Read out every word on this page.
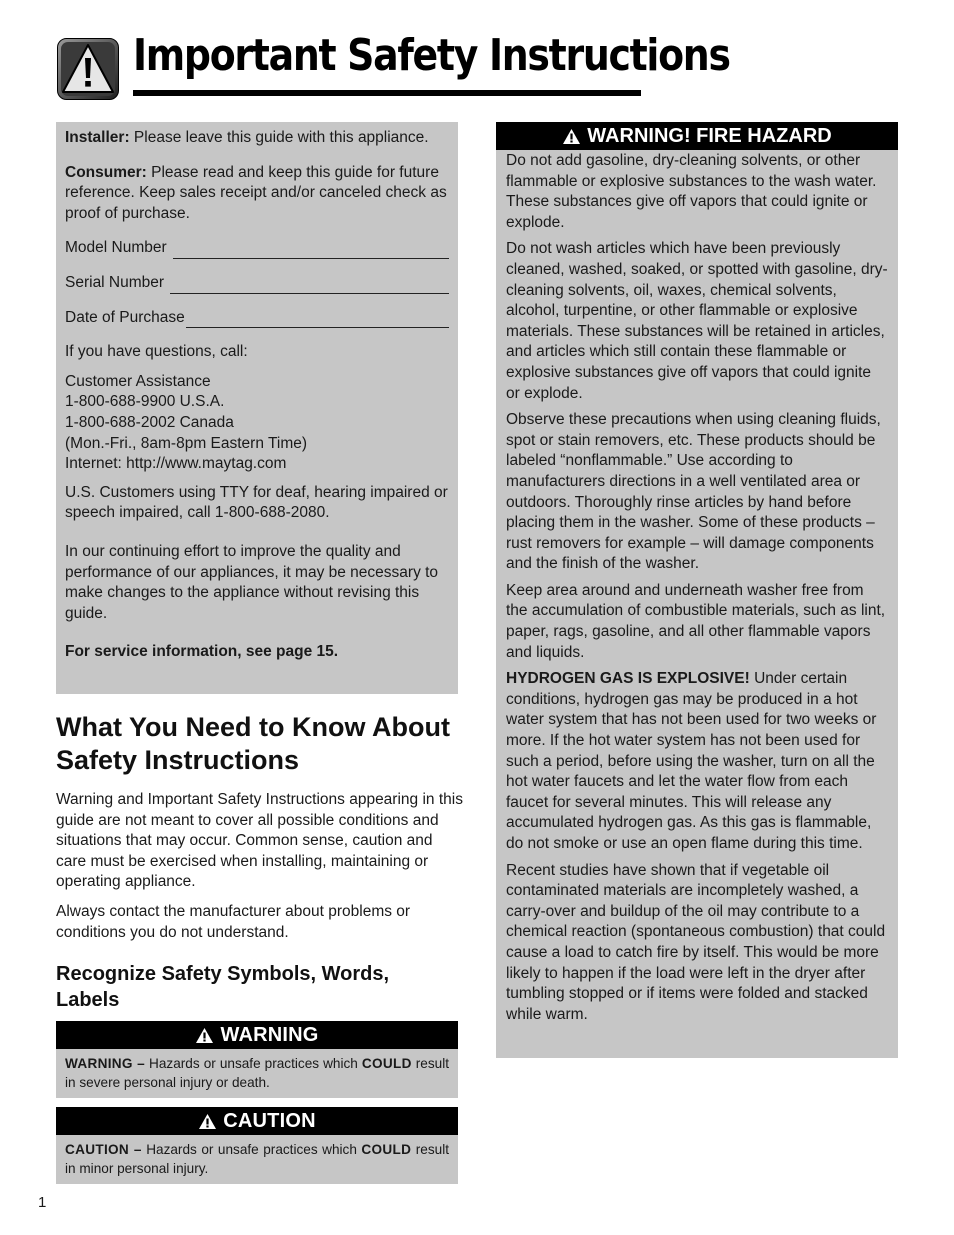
Important Safety Instructions

Installer: Please leave this guide with this appliance.

Consumer: Please read and keep this guide for future reference. Keep sales receipt and/or canceled check as proof of purchase.

Model Number
Serial Number
Date of Purchase

If you have questions, call:

Customer Assistance

1-800-688-9900 U.S.A.

1-800-688-2002 Canada

(Mon.-Fri., 8am-8pm Eastern Time)

Internet: http://www.maytag.com

U.S. Customers using TTY for deaf, hearing impaired or speech impaired, call 1-800-688-2080.

In our continuing effort to improve the quality and performance of our appliances, it may be necessary to make changes to the appliance without revising this guide.

For service information, see page 15.

What You Need to Know About Safety Instructions

Warning and Important Safety Instructions appearing in this guide are not meant to cover all possible conditions and situations that may occur. Common sense, caution and care must be exercised when installing, maintaining or operating appliance.

Always contact the manufacturer about problems or conditions you do not understand.

Recognize Safety Symbols, Words, Labels
WARNING
WARNING – Hazards or unsafe practices which COULD result in severe personal injury or death.
CAUTION
CAUTION – Hazards or unsafe practices which COULD result in minor personal injury.
WARNING! FIRE HAZARD

Do not add gasoline, dry-cleaning solvents, or other flammable or explosive substances to the wash water. These substances give off vapors that could ignite or explode.

Do not wash articles which have been previously cleaned, washed, soaked, or spotted with gasoline, dry-cleaning solvents, oil, waxes, chemical solvents, alcohol, turpentine, or other flammable or explosive materials. These substances will be retained in articles, and articles which still contain these flammable or explosive substances give off vapors that could ignite or explode.

Observe these precautions when using cleaning fluids, spot or stain removers, etc. These products should be labeled “nonflammable.” Use according to manufacturers directions in a well ventilated area or outdoors. Thoroughly rinse articles by hand before placing them in the washer. Some of these products – rust removers for example – will damage components and the finish of the washer.

Keep area around and underneath washer free from the accumulation of combustible materials, such as lint, paper, rags, gasoline, and all other flammable vapors and liquids.

HYDROGEN GAS IS EXPLOSIVE! Under certain conditions, hydrogen gas may be produced in a hot water system that has not been used for two weeks or more. If the hot water system has not been used for such a period, before using the washer, turn on all the hot water faucets and let the water flow from each faucet for several minutes. This will release any accumulated hydrogen gas. As this gas is flammable, do not smoke or use an open flame during this time.

Recent studies have shown that if vegetable oil contaminated materials are incompletely washed, a carry-over and buildup of the oil may contribute to a chemical reaction (spontaneous combustion) that could cause a load to catch fire by itself. This would be more likely to happen if the load were left in the dryer after tumbling stopped or if items were folded and stacked while warm.

1
